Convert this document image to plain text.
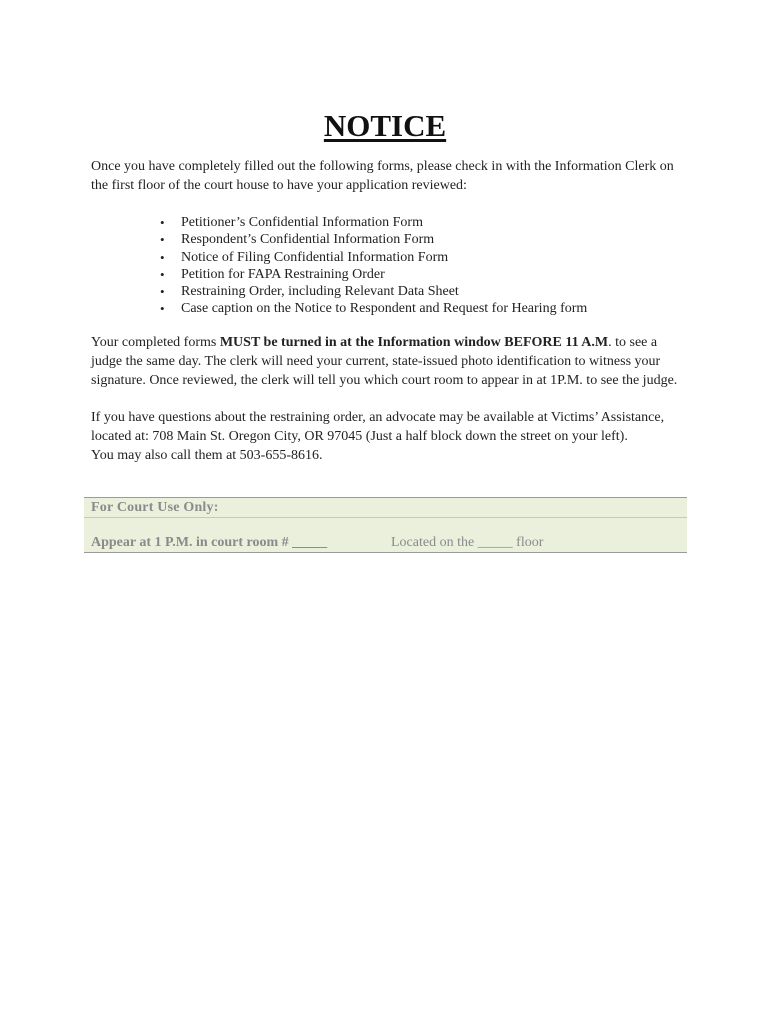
NOTICE

Once you have completely filled out the following forms, please check in with the Information Clerk on the first floor of the court house to have your application reviewed:

• Petitioner’s Confidential Information Form
• Respondent’s Confidential Information Form
• Notice of Filing Confidential Information Form
• Petition for FAPA Restraining Order
• Restraining Order, including Relevant Data Sheet
• Case caption on the Notice to Respondent and Request for Hearing form

Your completed forms MUST be turned in at the Information window BEFORE 11 A.M. to see a judge the same day. The clerk will need your current, state-issued photo identification to witness your signature. Once reviewed, the clerk will tell you which court room to appear in at 1P.M. to see the judge.

If you have questions about the restraining order, an advocate may be available at Victims’ Assistance,
located at: 708 Main St. Oregon City, OR 97045 (Just a half block down the street on your left).
You may also call them at 503-655-8616.

For Court Use Only:

Appear at 1 P.M. in court room # _____	Located on the _____ floor
